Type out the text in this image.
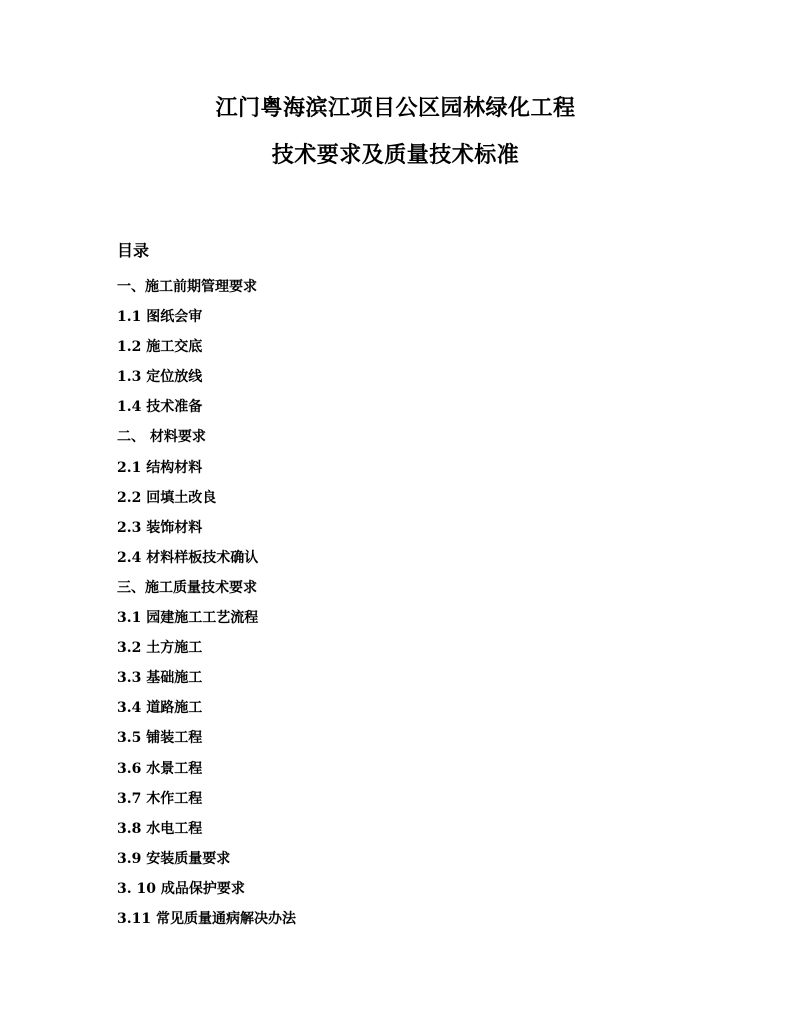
江门粤海滨江项目公区园林绿化工程
技术要求及质量技术标准
目录
一、施工前期管理要求
1.1 图纸会审
1.2 施工交底
1.3 定位放线
1.4 技术准备
二、 材料要求
2.1 结构材料
2.2 回填土改良
2.3 装饰材料
2.4 材料样板技术确认
三、施工质量技术要求
3.1 园建施工工艺流程
3.2 土方施工
3.3 基础施工
3.4 道路施工
3.5 铺装工程
3.6 水景工程
3.7 木作工程
3.8 水电工程
3.9 安装质量要求
3. 10 成品保护要求
3.11 常见质量通病解决办法
